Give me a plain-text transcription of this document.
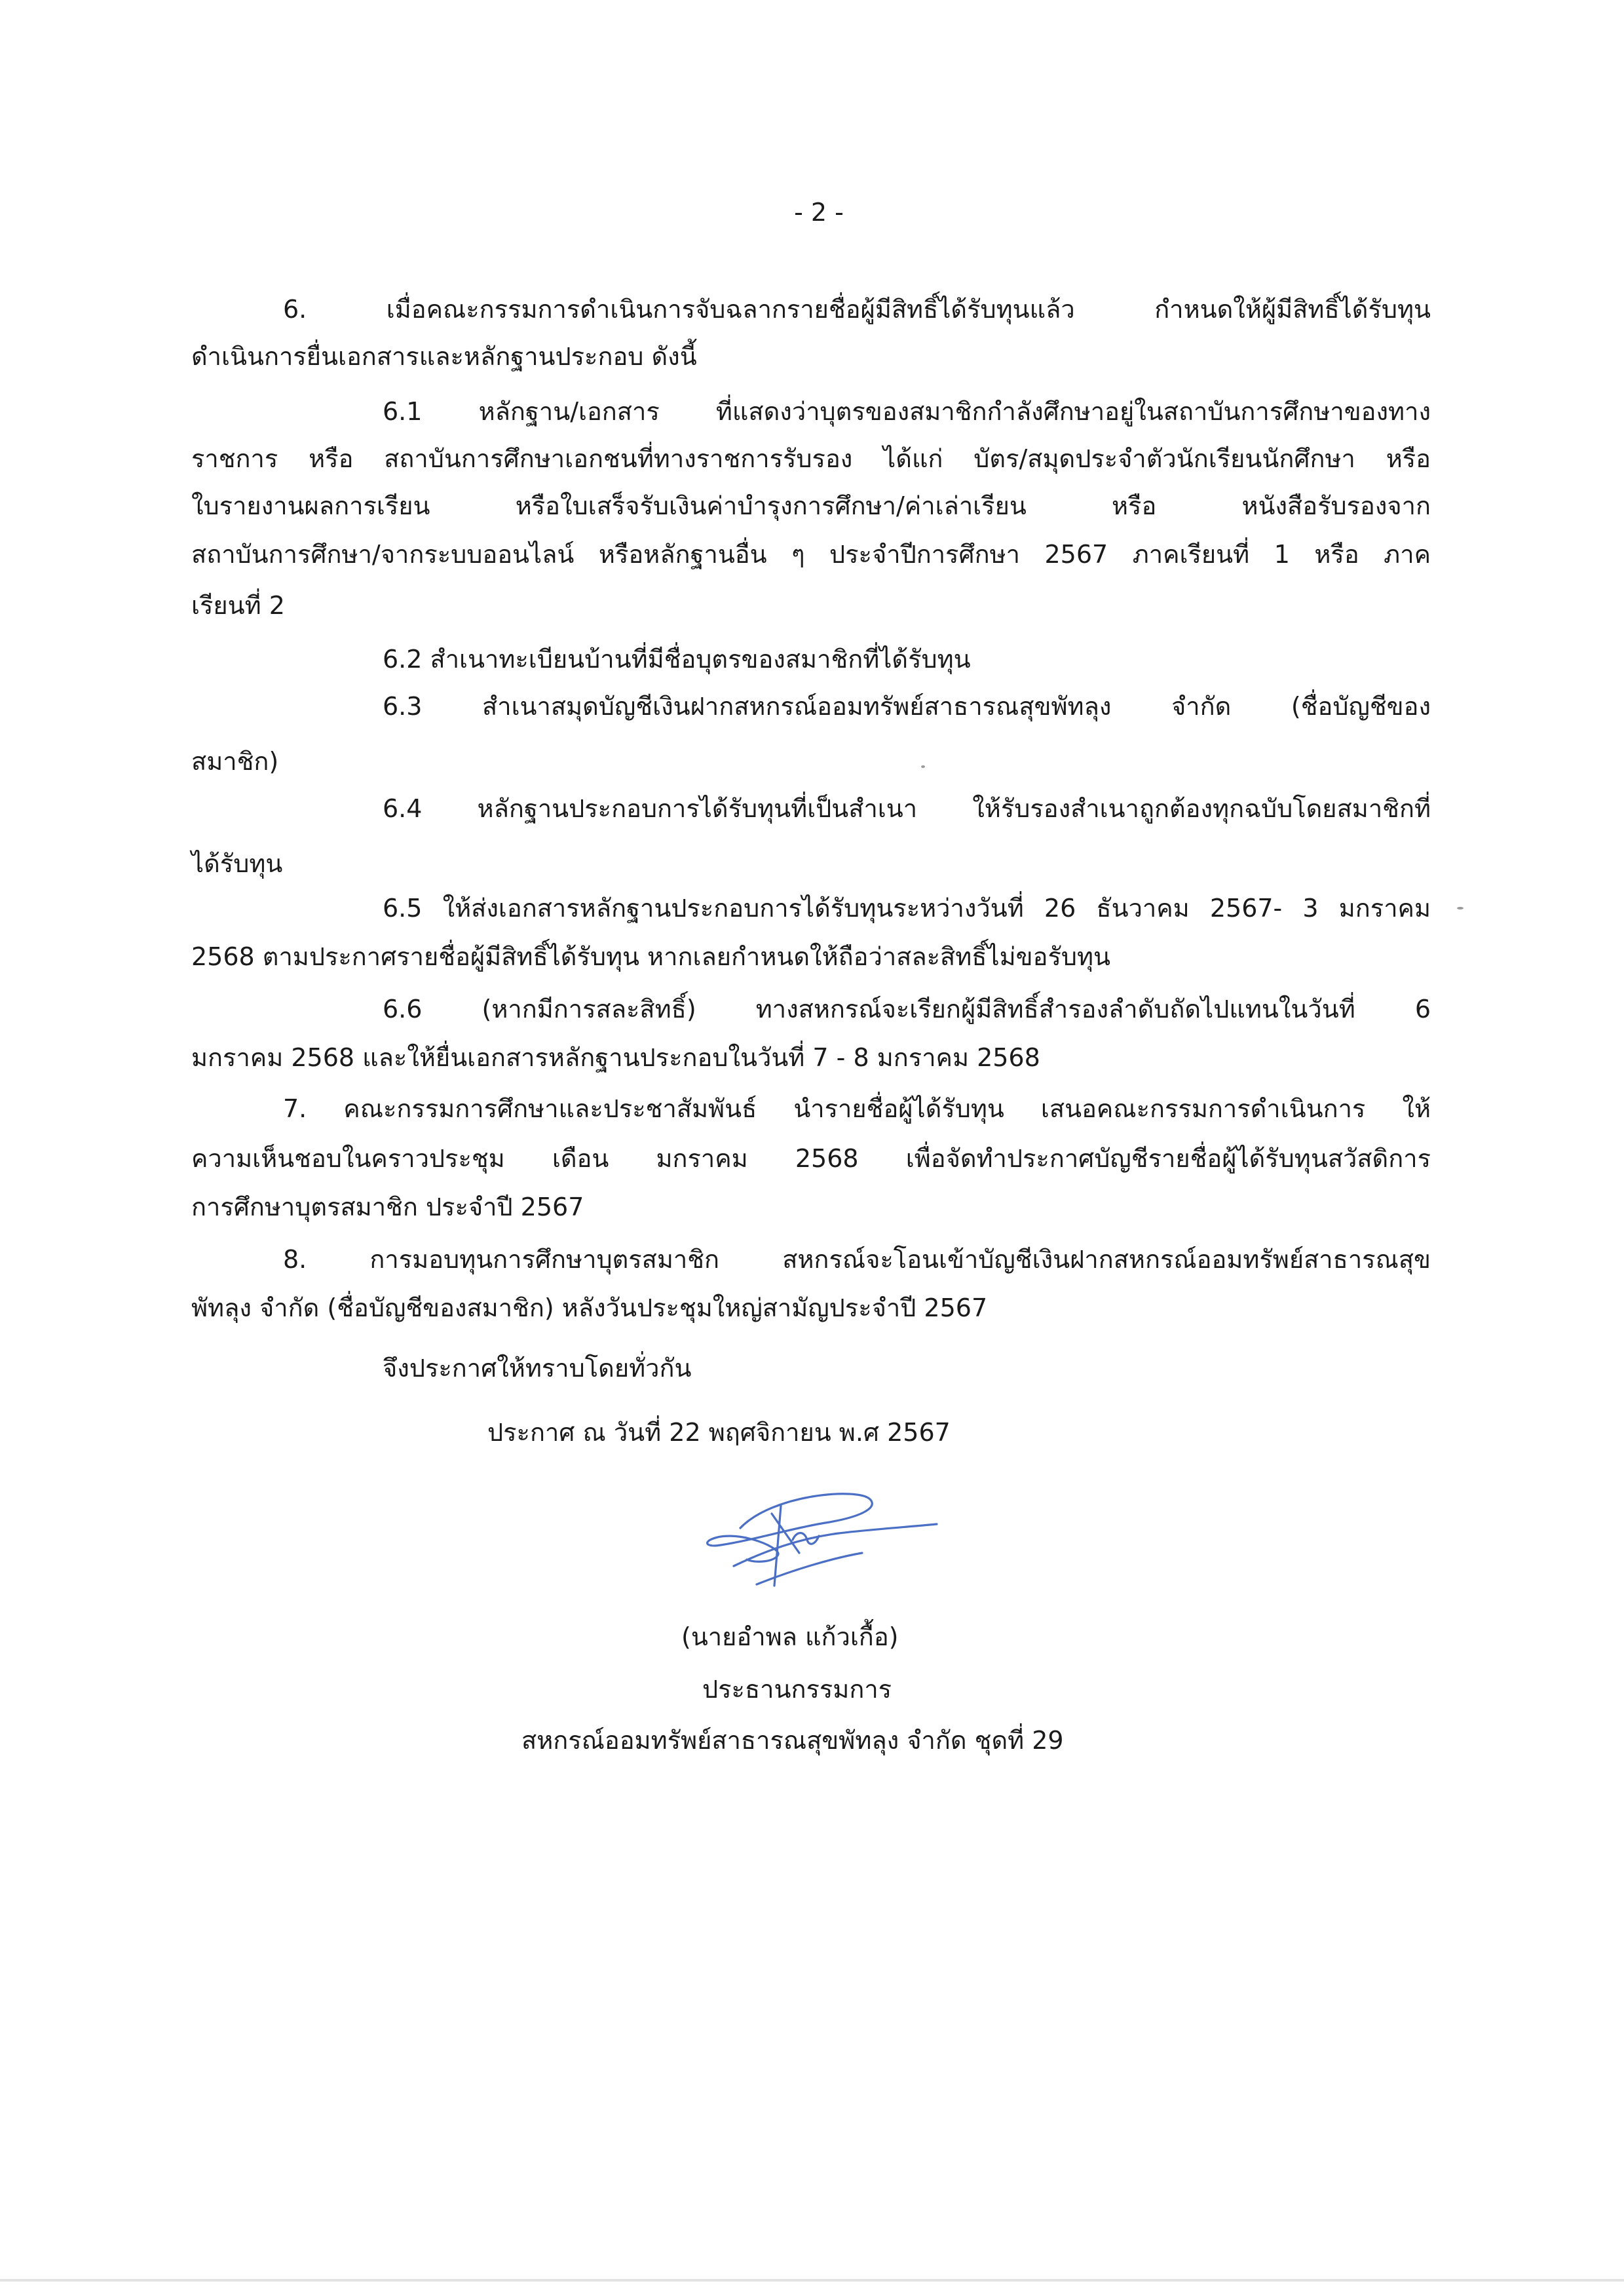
- 2 -
6. เมื่อคณะกรรมการดำเนินการจับฉลากรายชื่อผู้มีสิทธิ์ได้รับทุนแล้ว กำหนดให้ผู้มีสิทธิ์ได้รับทุน
ดำเนินการยื่นเอกสารและหลักฐานประกอบ ดังนี้
6.1 หลักฐาน/เอกสาร ที่แสดงว่าบุตรของสมาชิกกำลังศึกษาอยู่ในสถาบันการศึกษาของทาง
ราชการ หรือ สถาบันการศึกษาเอกชนที่ทางราชการรับรอง ได้แก่ บัตร/สมุดประจำตัวนักเรียนนักศึกษา หรือ
ใบรายงานผลการเรียน หรือใบเสร็จรับเงินค่าบำรุงการศึกษา/ค่าเล่าเรียน หรือ หนังสือรับรองจาก
สถาบันการศึกษา/จากระบบออนไลน์ หรือหลักฐานอื่น ๆ ประจำปีการศึกษา 2567 ภาคเรียนที่ 1 หรือ ภาค
เรียนที่ 2
6.2 สำเนาทะเบียนบ้านที่มีชื่อบุตรของสมาชิกที่ได้รับทุน
6.3 สำเนาสมุดบัญชีเงินฝากสหกรณ์ออมทรัพย์สาธารณสุขพัทลุง จำกัด (ชื่อบัญชีของ
สมาชิก)
6.4 หลักฐานประกอบการได้รับทุนที่เป็นสำเนา ให้รับรองสำเนาถูกต้องทุกฉบับโดยสมาชิกที่
ได้รับทุน
6.5 ให้ส่งเอกสารหลักฐานประกอบการได้รับทุนระหว่างวันที่ 26 ธันวาคม 2567- 3 มกราคม
2568 ตามประกาศรายชื่อผู้มีสิทธิ์ได้รับทุน หากเลยกำหนดให้ถือว่าสละสิทธิ์ไม่ขอรับทุน
6.6 (หากมีการสละสิทธิ์) ทางสหกรณ์จะเรียกผู้มีสิทธิ์สำรองลำดับถัดไปแทนในวันที่ 6
มกราคม 2568 และให้ยื่นเอกสารหลักฐานประกอบในวันที่ 7 - 8 มกราคม 2568
7. คณะกรรมการศึกษาและประชาสัมพันธ์ นำรายชื่อผู้ได้รับทุน เสนอคณะกรรมการดำเนินการ ให้
ความเห็นชอบในคราวประชุม เดือน มกราคม 2568 เพื่อจัดทำประกาศบัญชีรายชื่อผู้ได้รับทุนสวัสดิการ
การศึกษาบุตรสมาชิก ประจำปี 2567
8. การมอบทุนการศึกษาบุตรสมาชิก สหกรณ์จะโอนเข้าบัญชีเงินฝากสหกรณ์ออมทรัพย์สาธารณสุข
พัทลุง จำกัด (ชื่อบัญชีของสมาชิก) หลังวันประชุมใหญ่สามัญประจำปี 2567
จึงประกาศให้ทราบโดยทั่วกัน
ประกาศ ณ วันที่ 22 พฤศจิกายน พ.ศ 2567
(นายอำพล แก้วเกื้อ)
ประธานกรรมการ
สหกรณ์ออมทรัพย์สาธารณสุขพัทลุง จำกัด ชุดที่ 29
